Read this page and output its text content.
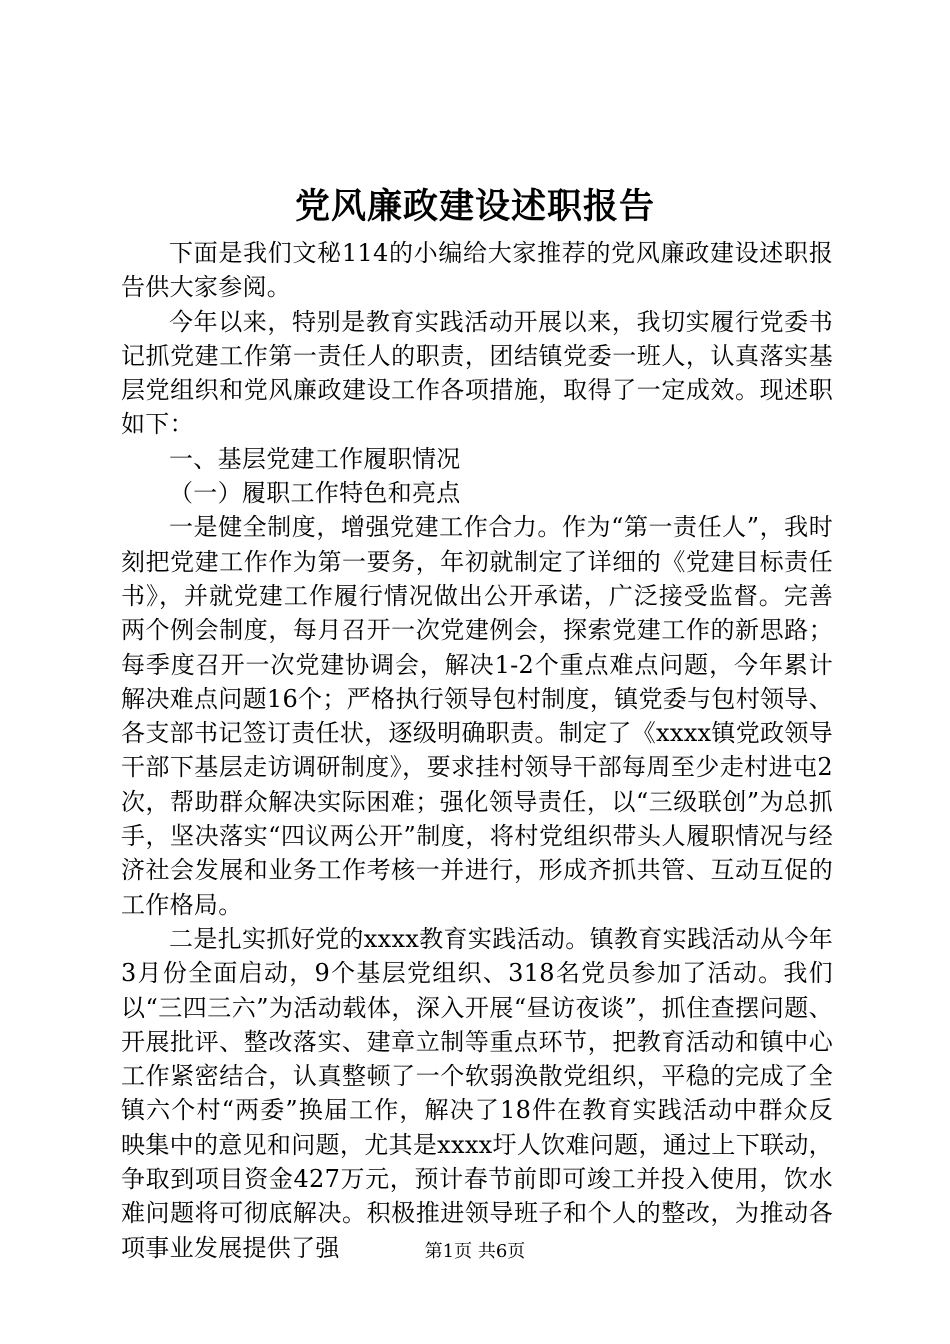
党风廉政建设述职报告

下面是我们文秘114的小编给大家推荐的党风廉政建设述职报告供大家参阅。

今年以来，特别是教育实践活动开展以来，我切实履行党委书记抓党建工作第一责任人的职责，团结镇党委一班人，认真落实基层党组织和党风廉政建设工作各项措施，取得了一定成效。现述职如下：

一、基层党建工作履职情况

（一）履职工作特色和亮点

一是健全制度，增强党建工作合力。作为“第一责任人”，我时刻把党建工作作为第一要务，年初就制定了详细的《党建目标责任书》，并就党建工作履行情况做出公开承诺，广泛接受监督。完善两个例会制度，每月召开一次党建例会，探索党建工作的新思路；每季度召开一次党建协调会，解决1-2个重点难点问题，今年累计解决难点问题16个；严格执行领导包村制度，镇党委与包村领导、各支部书记签订责任状，逐级明确职责。制定了《xxxx镇党政领导干部下基层走访调研制度》，要求挂村领导干部每周至少走村进屯2次，帮助群众解决实际困难；强化领导责任，以“三级联创”为总抓手，坚决落实“四议两公开”制度，将村党组织带头人履职情况与经济社会发展和业务工作考核一并进行，形成齐抓共管、互动互促的工作格局。

二是扎实抓好党的xxxx教育实践活动。镇教育实践活动从今年3月份全面启动，9个基层党组织、318名党员参加了活动。我们以“三四三六”为活动载体，深入开展“昼访夜谈”，抓住查摆问题、开展批评、整改落实、建章立制等重点环节，把教育活动和镇中心工作紧密结合，认真整顿了一个软弱涣散党组织，平稳的完成了全镇六个村“两委”换届工作，解决了18件在教育实践活动中群众反映集中的意见和问题，尤其是xxxx圩人饮难问题，通过上下联动，争取到项目资金427万元，预计春节前即可竣工并投入使用，饮水难问题将可彻底解决。积极推进领导班子和个人的整改，为推动各项事业发展提供了强	第1页 共6页
